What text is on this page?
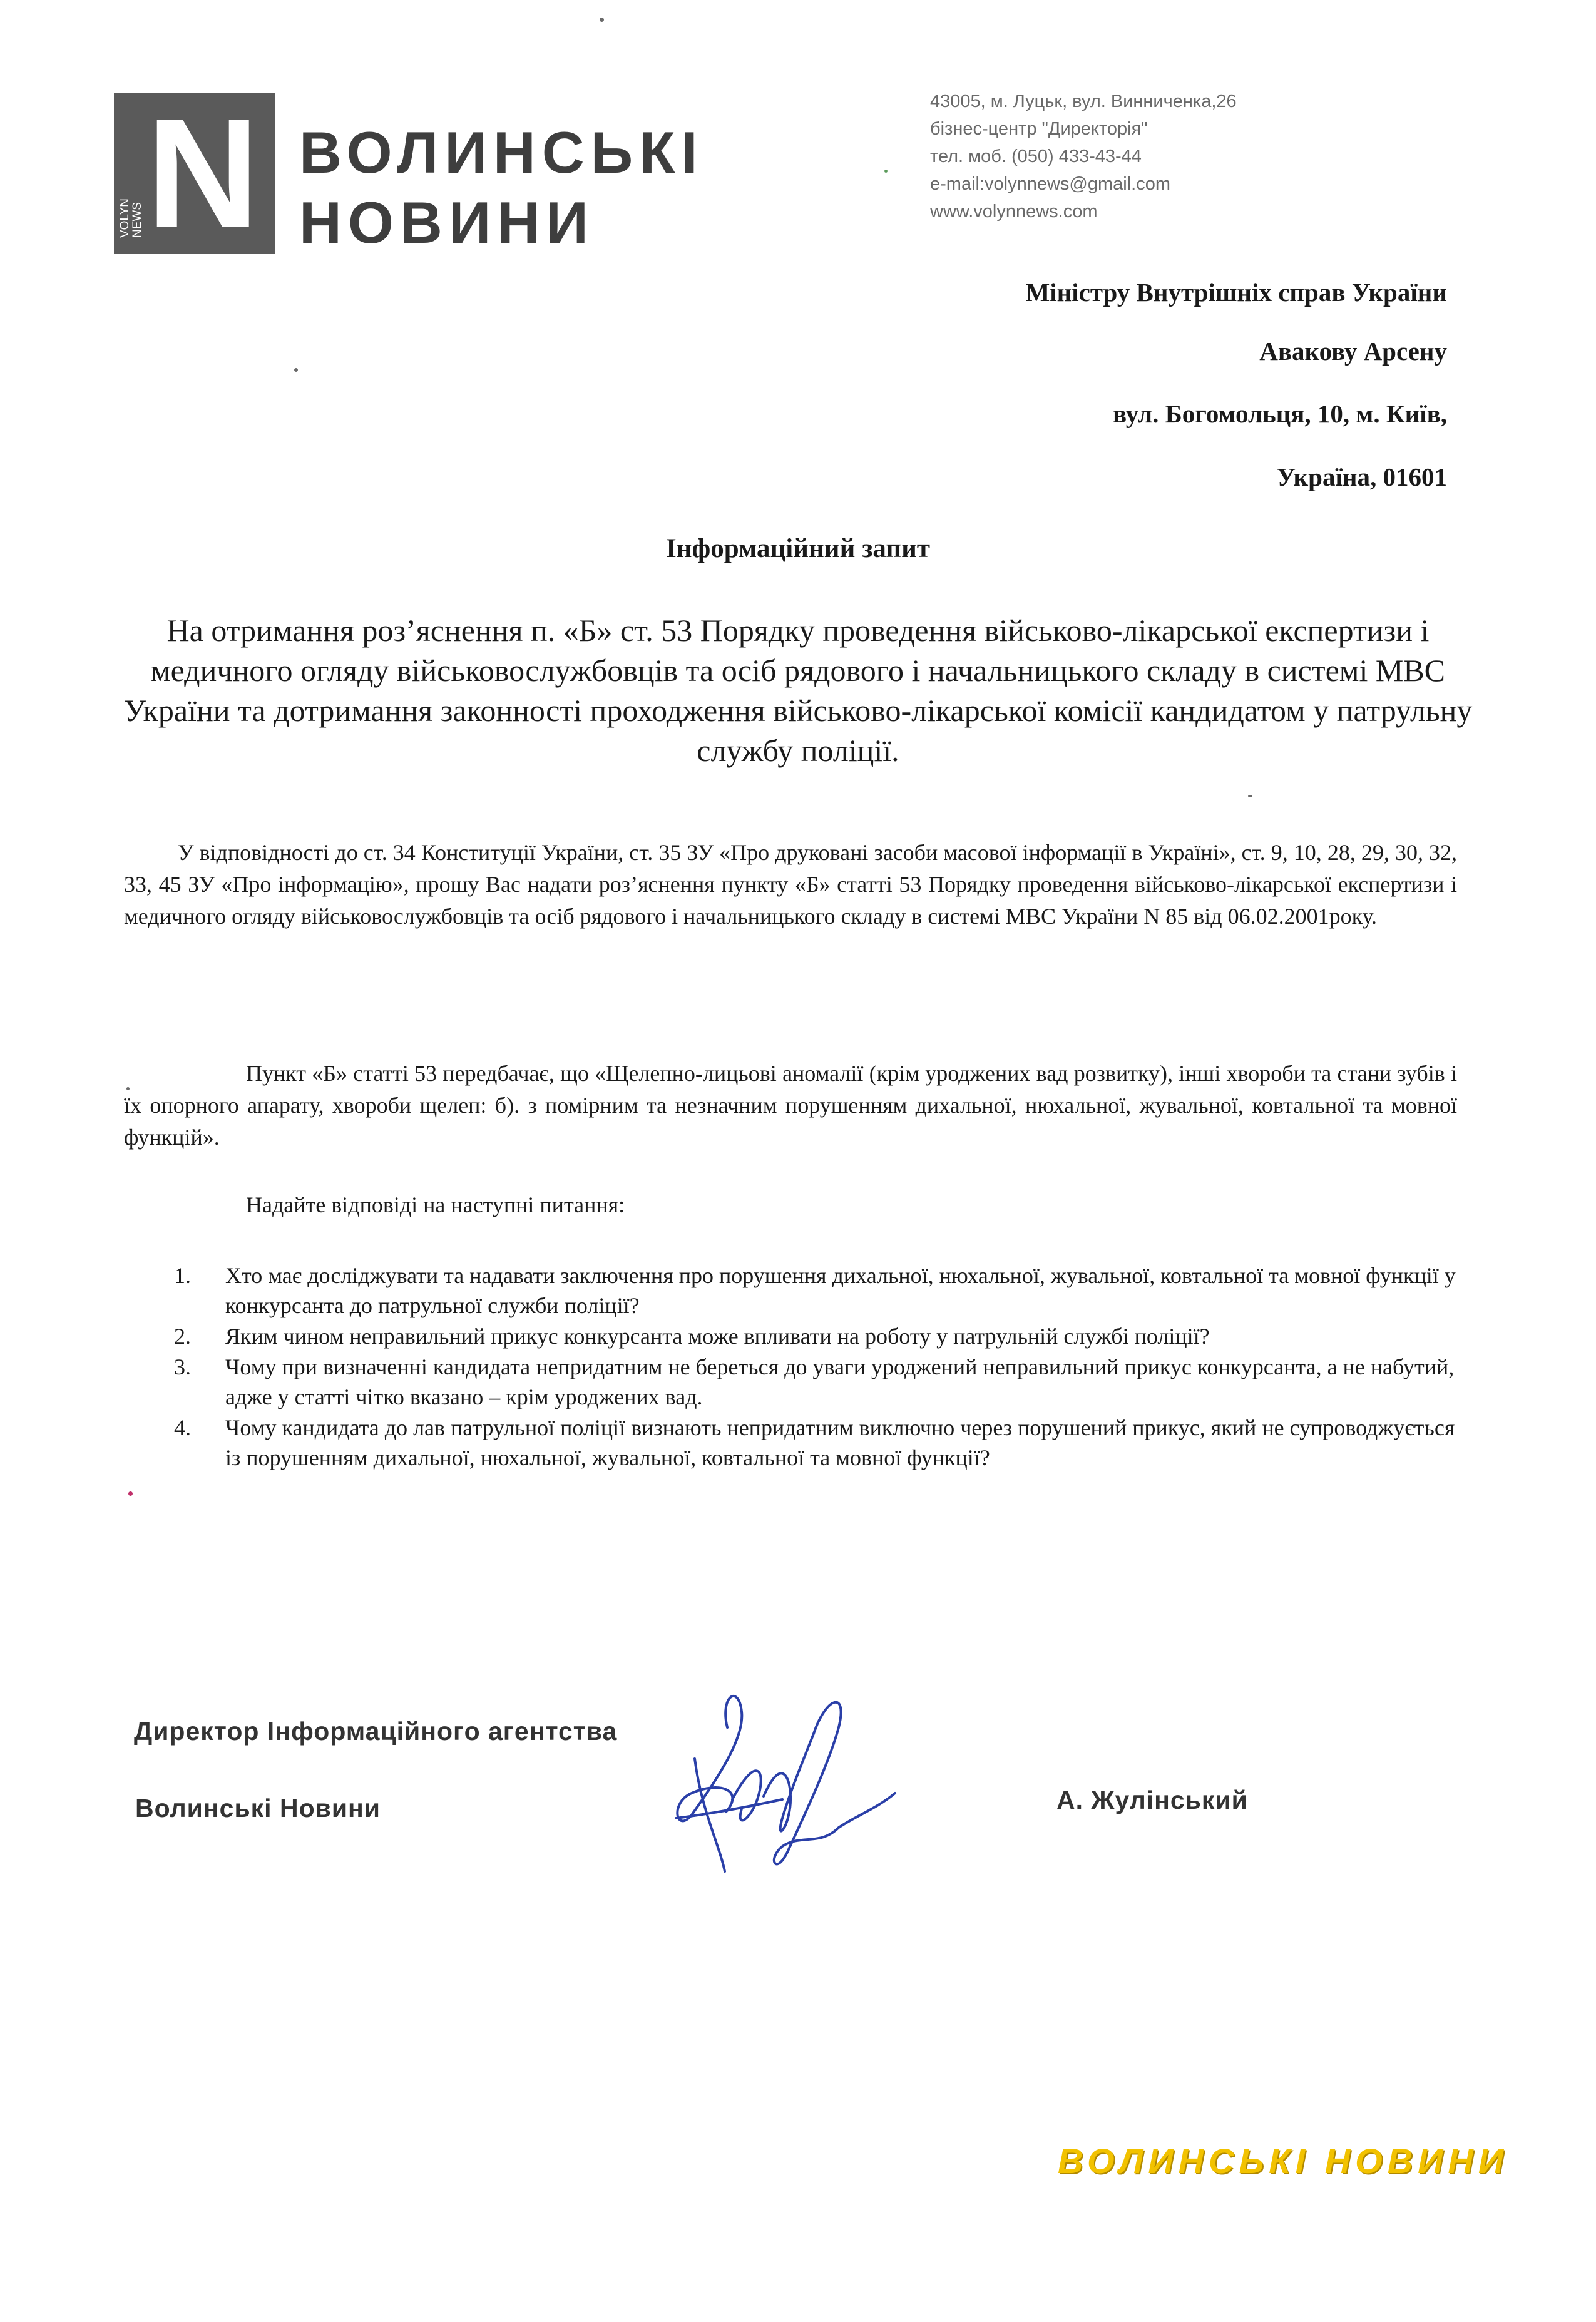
N
VOLYN NEWS
ВОЛИНСЬКІ
НОВИНИ
43005, м. Луцьк, вул. Винниченка,26
бізнес-центр "Директорія"
тел. моб. (050) 433-43-44
e-mail:volynnews@gmail.com
www.volynnews.com
Міністру Внутрішніх справ України
Авакову Арсену
вул. Богомольця, 10, м. Київ,
Україна, 01601
Інформаційний запит
На отримання роз’яснення п. «Б» ст. 53 Порядку проведення військово-лікарської експертизи і медичного огляду військовослужбовців та осіб рядового і начальницького складу в системі МВС України та дотримання законності проходження військово-лікарської комісії кандидатом у патрульну службу поліції.

У відповідності до ст. 34 Конституції України, ст. 35 ЗУ «Про друковані засоби масової інформації в Україні», ст. 9, 10, 28, 29, 30, 32, 33, 45 ЗУ «Про інформацію», прошу Вас надати роз’яснення пункту «Б» статті 53 Порядку проведення військово-лікарської експертизи і медичного огляду військовослужбовців та осіб рядового і начальницького складу в системі МВС України N 85 від 06.02.2001року.

Пункт «Б» статті 53 передбачає, що «Щелепно-лицьові аномалії (крім уроджених вад розвитку), інші хвороби та стани зубів і їх опорного апарату, хвороби щелеп: б). з помірним та незначним порушенням дихальної, нюхальної, жувальної, ковтальної та мовної функцій».

Надайте відповіді на наступні питання:

1. Хто має досліджувати та надавати заключення про порушення дихальної, нюхальної, жувальної, ковтальної та мовної функції у конкурсанта до патрульної служби поліції?
2. Яким чином неправильний прикус конкурсанта може впливати на роботу у патрульній службі поліції?
3. Чому при визначенні кандидата непридатним не береться до уваги уроджений неправильний прикус конкурсанта, а не набутий, адже у статті чітко вказано – крім уроджених вад.
4. Чому кандидата до лав патрульної поліції визнають непридатним виключно через порушений прикус, який не супроводжується із порушенням дихальної, нюхальної, жувальної, ковтальної та мовної функції?
Директор Інформаційного агентства
Волинські Новини	А. Жулінський
ВОЛИНСЬКІ НОВИНИ
